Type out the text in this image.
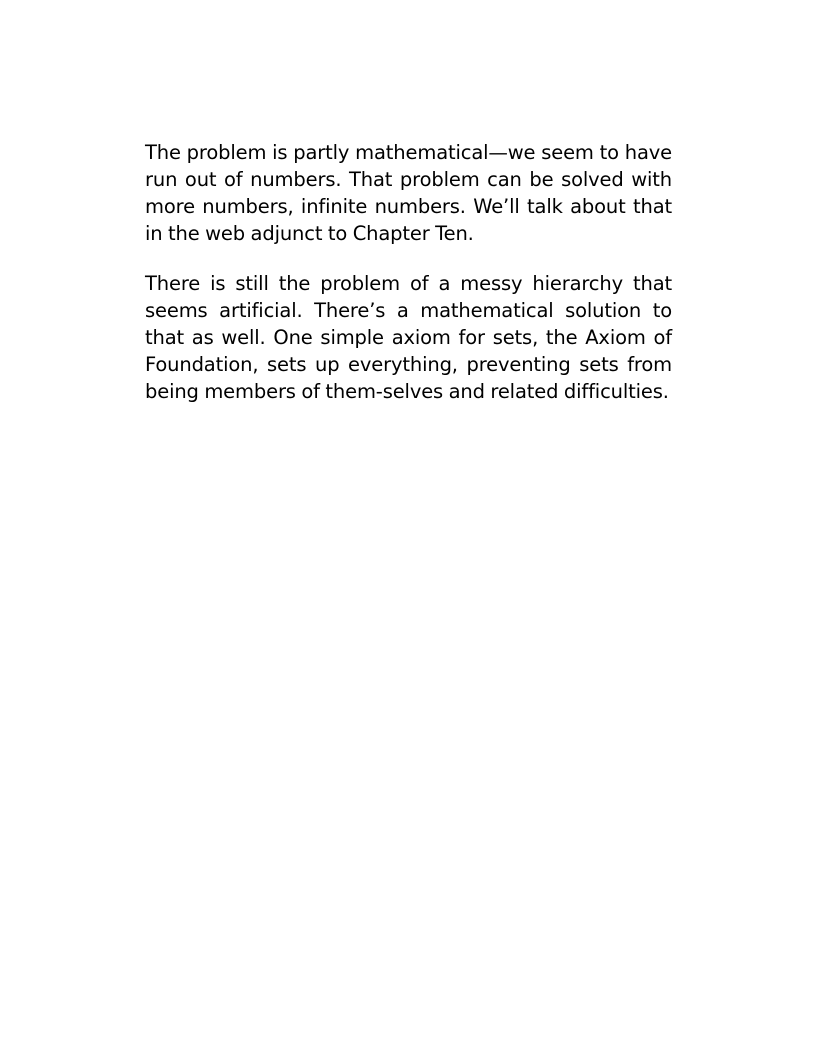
The problem is partly mathematical—we seem to have run out of numbers. That problem can be solved with more numbers, infinite numbers. We’ll talk about that in the web adjunct to Chapter Ten.

There is still the problem of a messy hierarchy that seems artificial. There’s a mathematical solution to that as well. One simple axiom for sets, the Axiom of Foundation, sets up everything, preventing sets from being members of them-selves and related difficulties.
